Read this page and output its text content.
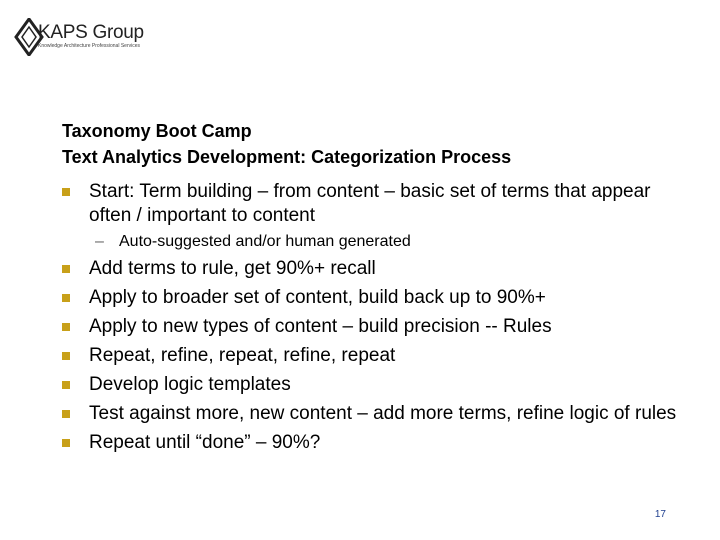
KAPS Group
Knowledge Architecture Professional Services
Taxonomy Boot Camp
Text Analytics Development: Categorization Process
Start: Term building – from content – basic set of terms that appear often / important to content
– Auto-suggested and/or human generated
Add terms to rule, get 90%+ recall
Apply to broader set of content, build back up to 90%+
Apply to new types of content – build precision -- Rules
Repeat, refine, repeat, refine, repeat
Develop logic templates
Test against more, new content – add more terms, refine logic of rules
Repeat until “done” – 90%?
17
